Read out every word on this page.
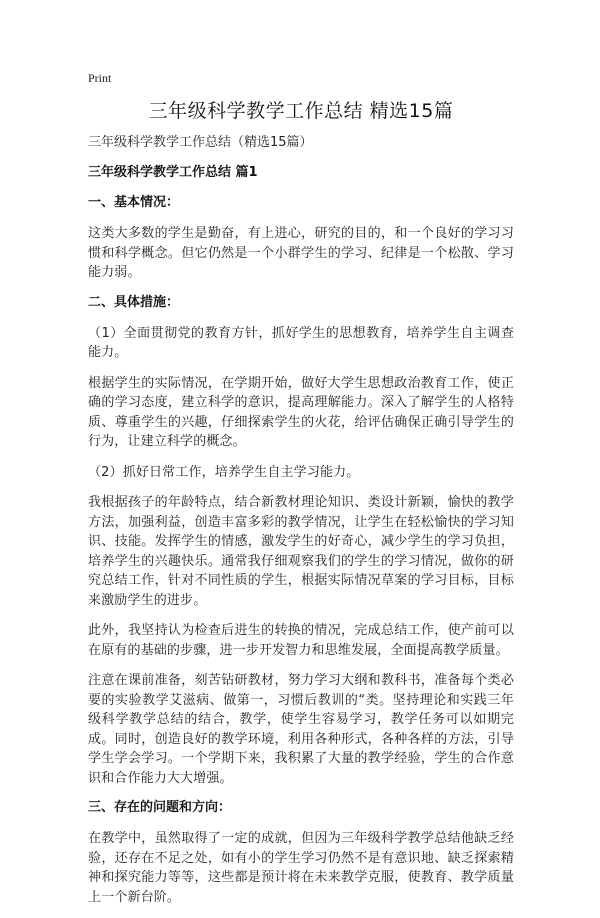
Print
三年级科学教学工作总结 精选15篇
三年级科学教学工作总结（精选15篇）
三年级科学教学工作总结 篇1
一、基本情况：

这类大多数的学生是勤奋，有上进心，研究的目的，和一个良好的学习习惯和科学概念。但它仍然是一个小群学生的学习、纪律是一个松散、学习能力弱。

二、具体措施：

（1）全面贯彻党的教育方针，抓好学生的思想教育，培养学生自主调查能力。

根据学生的实际情况，在学期开始，做好大学生思想政治教育工作，使正确的学习态度，建立科学的意识，提高理解能力。深入了解学生的人格特质、尊重学生的兴趣，仔细探索学生的火花，给评估确保正确引导学生的行为，让建立科学的概念。

（2）抓好日常工作，培养学生自主学习能力。

我根据孩子的年龄特点，结合新教材理论知识、类设计新颖，愉快的教学方法，加强利益，创造丰富多彩的教学情况，让学生在轻松愉快的学习知识、技能。发挥学生的情感，激发学生的好奇心，减少学生的学习负担，培养学生的兴趣快乐。通常我仔细观察我们的学生的学习情况，做你的研究总结工作，针对不同性质的学生，根据实际情况草案的学习目标，目标来激励学生的进步。

此外，我坚持认为检查后进生的转换的情况，完成总结工作，使产前可以在原有的基础的步骤，进一步开发智力和思维发展，全面提高教学质量。

注意在课前准备，刻苦钻研教材，努力学习大纲和教科书，准备每个类必要的实验教学艾滋病、做第一，习惯后教训的“类。坚持理论和实践三年级科学教学总结的结合，教学，使学生容易学习，教学任务可以如期完成。同时，创造良好的教学环境，利用各种形式，各种各样的方法，引导学生学会学习。一个学期下来，我积累了大量的教学经验，学生的合作意识和合作能力大大增强。

三、存在的问题和方向：

在教学中，虽然取得了一定的成就，但因为三年级科学教学总结他缺乏经验，还存在不足之处，如有小的学生学习仍然不是有意识地、缺乏探索精神和探究能力等等，这些都是预计将在未来教学克服，使教育、教学质量上一个新台阶。
